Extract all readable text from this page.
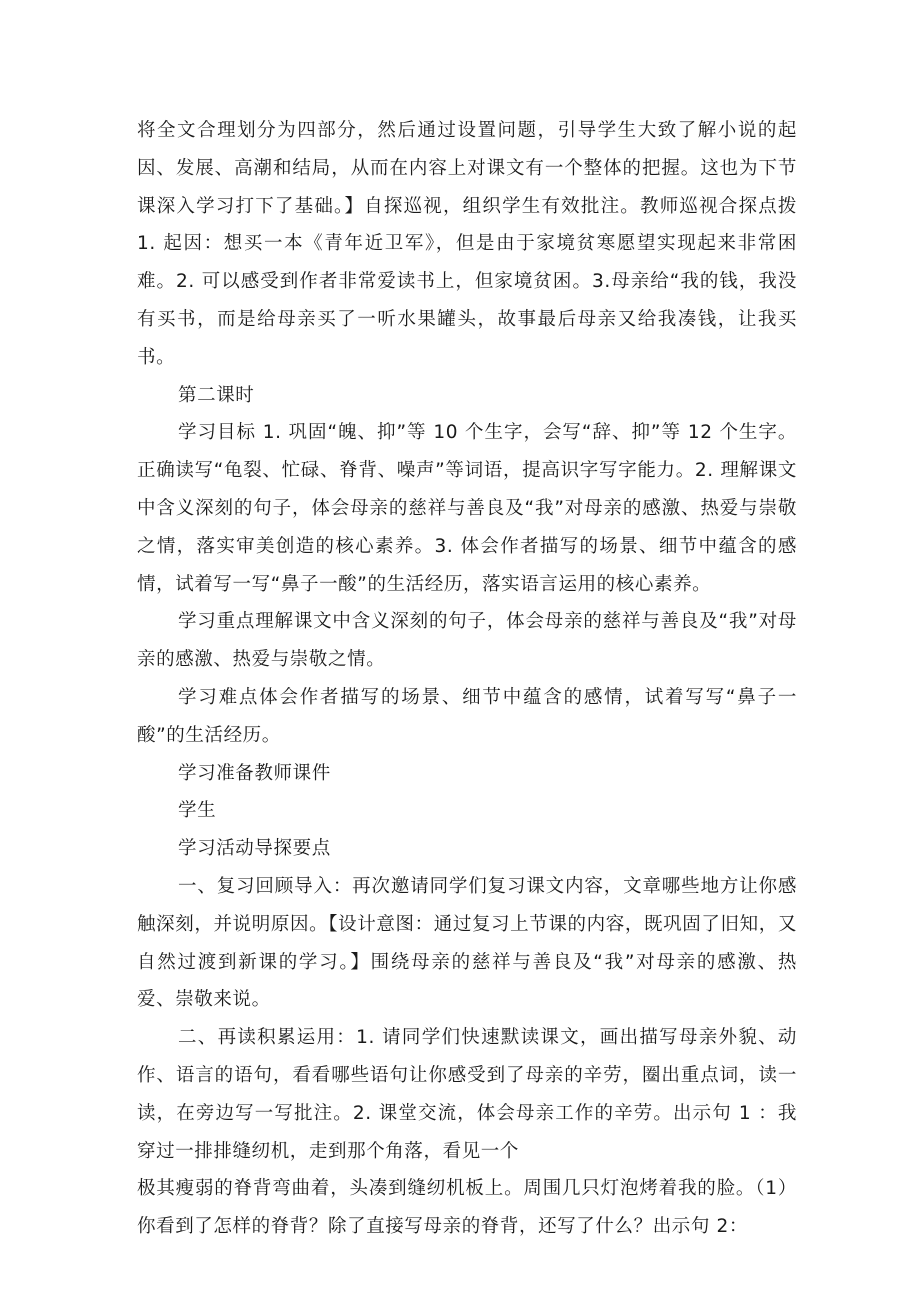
将全文合理划分为四部分，然后通过设置问题，引导学生大致了解小说的起因、发展、高潮和结局，从而在内容上对课文有一个整体的把握。这也为下节课深入学习打下了基础。】自探巡视，组织学生有效批注。教师巡视合探点拨 1. 起因：想买一本《青年近卫军》，但是由于家境贫寒愿望实现起来非常困难。2. 可以感受到作者非常爱读书上，但家境贫困。3.母亲给“我的钱，我没有买书，而是给母亲买了一听水果罐头，故事最后母亲又给我凑钱，让我买书。

第二课时

学习目标 1. 巩固“魄、抑”等 10 个生字，会写“辞、抑”等 12 个生字。正确读写“龟裂、忙碌、脊背、噪声”等词语，提高识字写字能力。2. 理解课文中含义深刻的句子，体会母亲的慈祥与善良及“我”对母亲的感激、热爱与崇敬之情，落实审美创造的核心素养。3. 体会作者描写的场景、细节中蕴含的感情，试着写一写“鼻子一酸”的生活经历，落实语言运用的核心素养。

学习重点理解课文中含义深刻的句子，体会母亲的慈祥与善良及“我”对母亲的感激、热爱与崇敬之情。

学习难点体会作者描写的场景、细节中蕴含的感情，试着写写“鼻子一酸”的生活经历。

学习准备教师课件

学生

学习活动导探要点

一、复习回顾导入：再次邀请同学们复习课文内容，文章哪些地方让你感触深刻，并说明原因。【设计意图：通过复习上节课的内容，既巩固了旧知，又自然过渡到新课的学习。】围绕母亲的慈祥与善良及“我”对母亲的感激、热爱、崇敬来说。

二、再读积累运用：1. 请同学们快速默读课文，画出描写母亲外貌、动作、语言的语句，看看哪些语句让你感受到了母亲的辛劳，圈出重点词，读一读，在旁边写一写批注。2. 课堂交流，体会母亲工作的辛劳。出示句 1 ：我穿过一排排缝纫机，走到那个角落，看见一个

极其瘦弱的脊背弯曲着，头凑到缝纫机板上。周围几只灯泡烤着我的脸。（1）你看到了怎样的脊背？除了直接写母亲的脊背，还写了什么？出示句 2：
